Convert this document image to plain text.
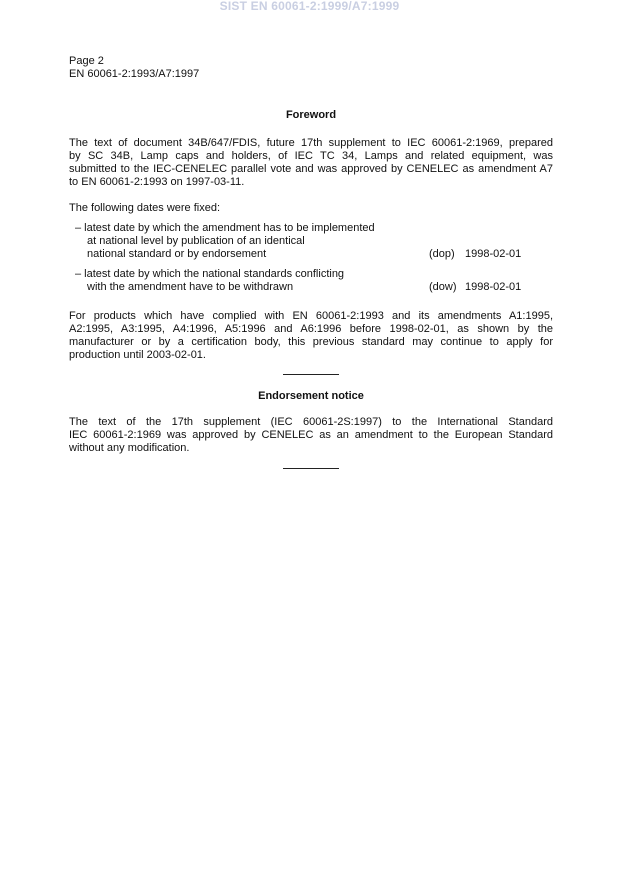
SIST EN 60061-2:1999/A7:1999
Page 2
EN 60061-2:1993/A7:1997
Foreword
The text of document 34B/647/FDIS, future 17th supplement to IEC 60061-2:1969, prepared
by SC 34B, Lamp caps and holders, of IEC TC 34, Lamps and related equipment, was
submitted to the IEC-CENELEC parallel vote and was approved by CENELEC as amendment A7
to EN 60061-2:1993 on 1997-03-11.
The following dates were fixed:
– latest date by which the amendment has to be implemented
at national level by publication of an identical
national standard or by endorsement	(dop) 1998-02-01
– latest date by which the national standards conflicting
with the amendment have to be withdrawn	(dow) 1998-02-01
For products which have complied with EN 60061-2:1993 and its amendments A1:1995,
A2:1995, A3:1995, A4:1996, A5:1996 and A6:1996 before 1998-02-01, as shown by the
manufacturer or by a certification body, this previous standard may continue to apply for
production until 2003-02-01.
Endorsement notice
The text of the 17th supplement (IEC 60061-2S:1997) to the International Standard
IEC 60061-2:1969 was approved by CENELEC as an amendment to the European Standard
without any modification.
